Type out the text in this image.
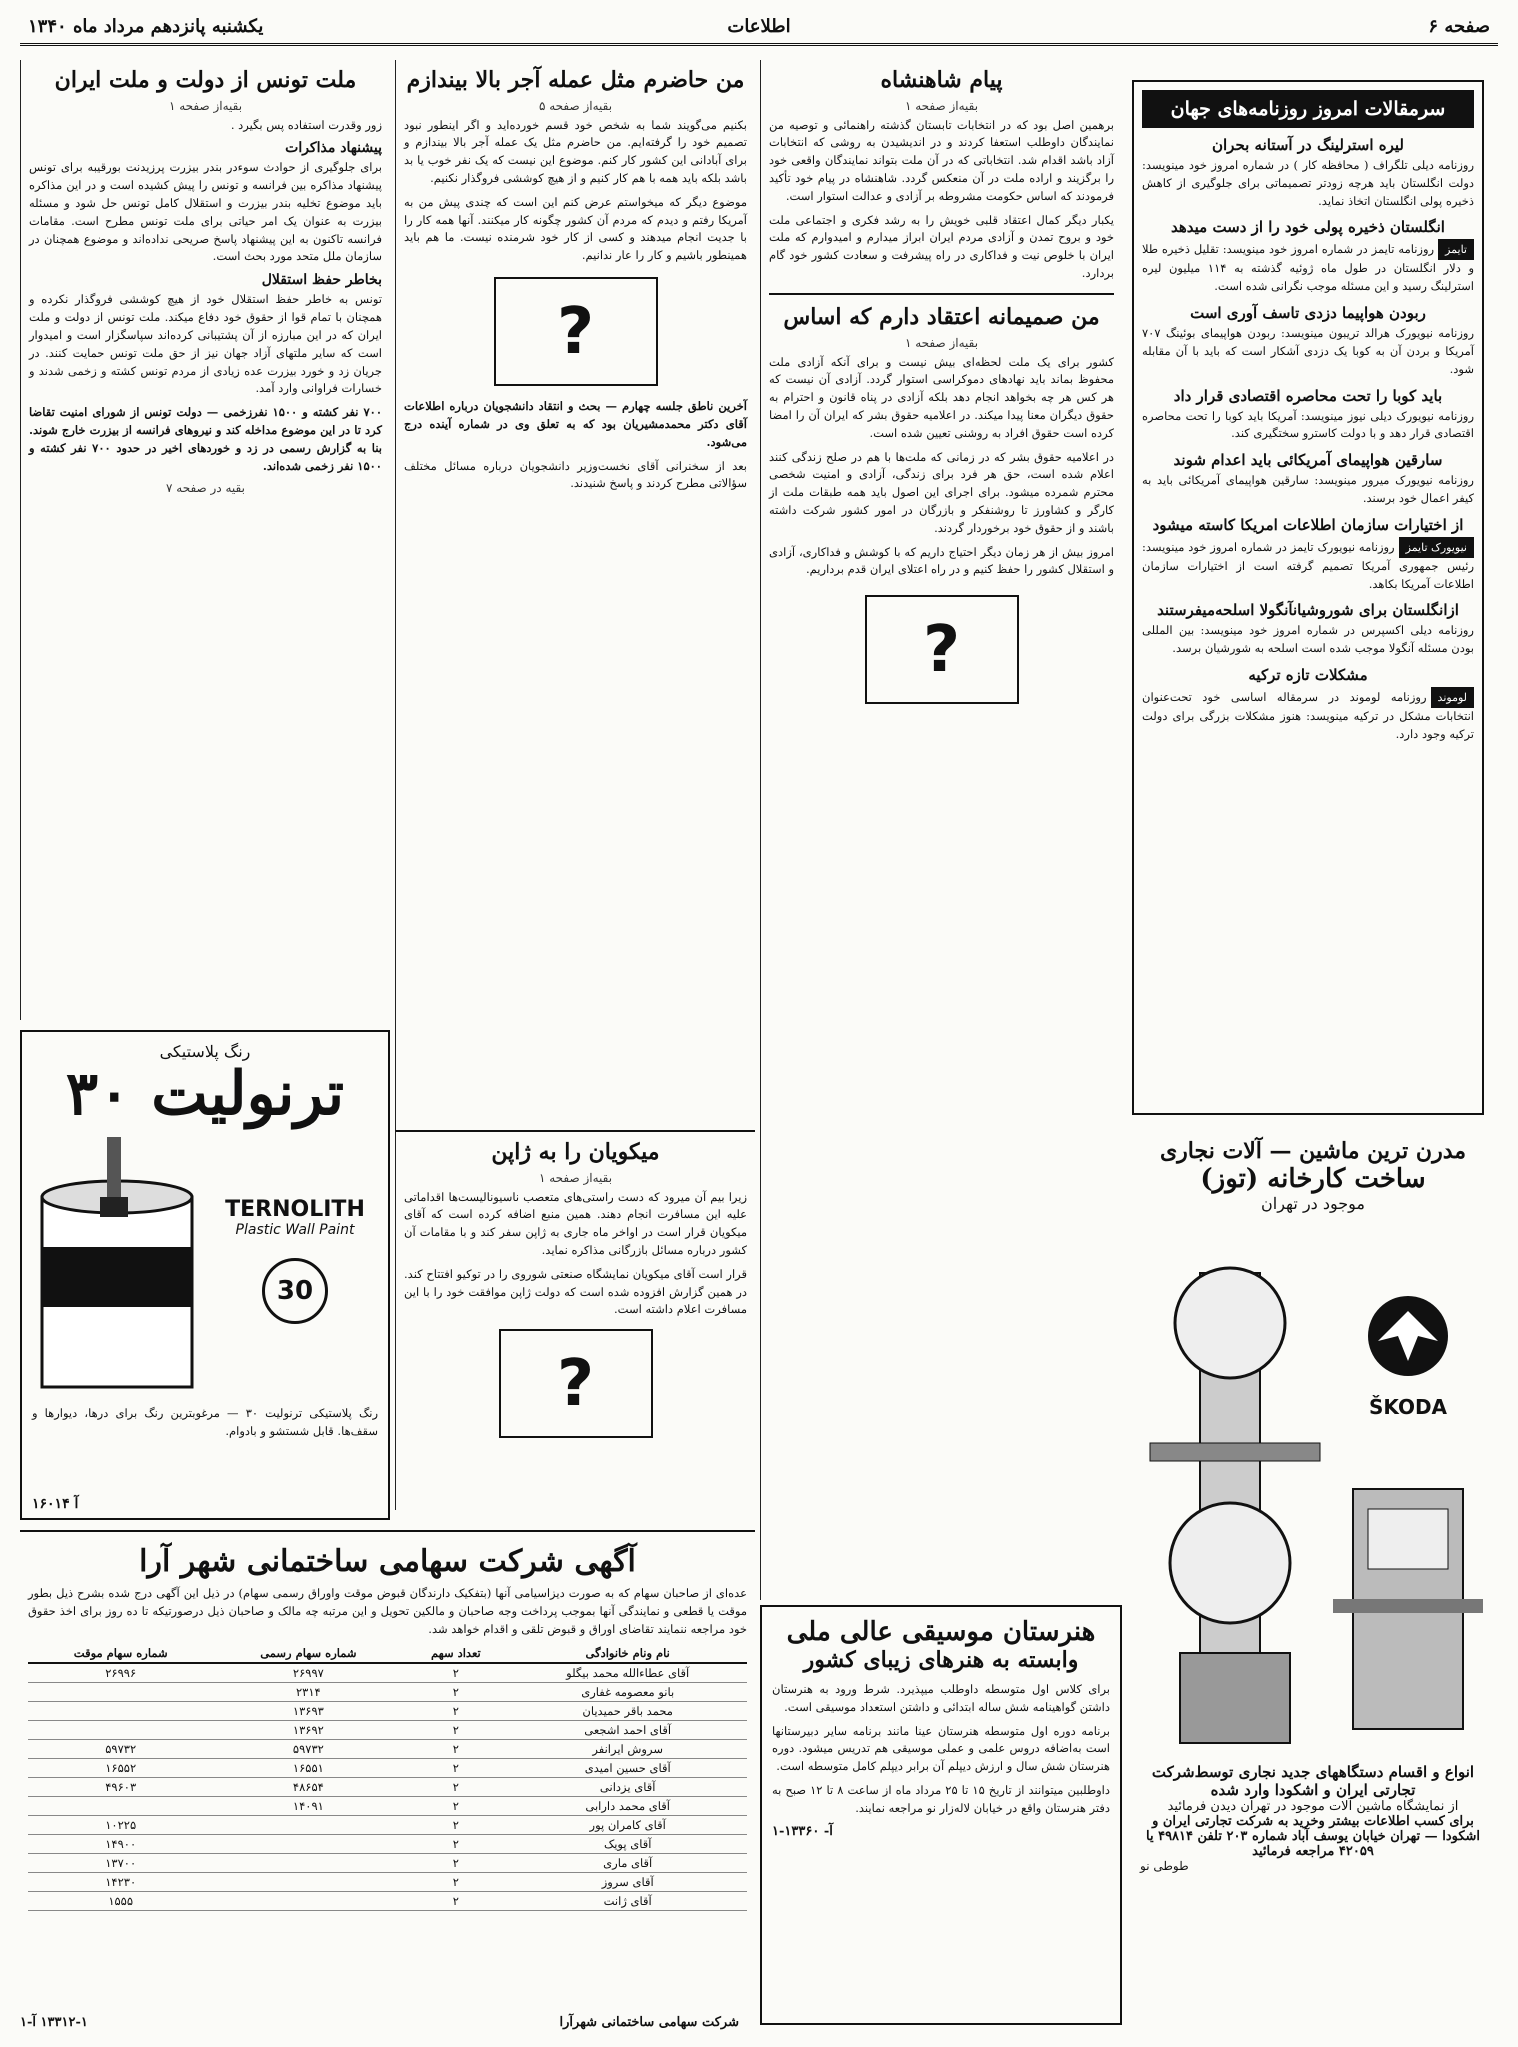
صفحه ۶
اطلاعات
یکشنبه پانزدهم مرداد ماه ۱۳۴۰
سرمقالات امروز روزنامه‌های جهان
لیره استرلینگ در آستانه بحران

روزنامه دیلی تلگراف ( محافظه کار ) در شماره امروز خود مینویسد: دولت انگلستان باید هرچه زودتر تصمیماتی برای جلوگیری از کاهش ذخیره پولی انگلستان اتخاذ نماید.

انگلستان ذخیره پولی خود را از دست میدهد

تایمزروزنامه تایمز در شماره امروز خود مینویسد: تقلیل ذخیره طلا و دلار انگلستان در طول ماه ژوئیه گذشته به ۱۱۴ میلیون لیره استرلینگ رسید و این مسئله موجب نگرانی شده است.

ربودن هواپیما دزدی تاسف آوری است

روزنامه نیویورک هرالد تریبون مینویسد: ربودن هواپیمای بوئینگ ۷۰۷ آمریکا و بردن آن به کوبا یک دزدی آشکار است که باید با آن مقابله شود.

باید کوبا را تحت محاصره اقتصادی قرار داد

روزنامه نیویورک دیلی نیوز مینویسد: آمریکا باید کوبا را تحت محاصره اقتصادی قرار دهد و با دولت کاسترو سختگیری کند.

سارقین هواپیمای آمریکائی باید اعدام شوند

روزنامه نیویورک میرور مینویسد: سارقین هواپیمای آمریکائی باید به کیفر اعمال خود برسند.

از اختیارات سازمان اطلاعات امریکا کاسته میشود

نیویورک تایمزروزنامه نیویورک تایمز در شماره امروز خود مینویسد: رئیس جمهوری آمریکا تصمیم گرفته است از اختیارات سازمان اطلاعات آمریکا بکاهد.

ازانگلستان برای شوروشیانآنگولا اسلحه‌میفرستند

روزنامه دیلی اکسپرس در شماره امروز خود مینویسد: بین المللی بودن مسئله آنگولا موجب شده است اسلحه به شورشیان برسد.

مشکلات تازه ترکیه

لوموندروزنامه لوموند در سرمقاله اساسی خود تحت‌عنوان انتخابات مشکل در ترکیه مینویسد: هنوز مشکلات بزرگی برای دولت ترکیه وجود دارد.

پیام شاهنشاه
بقیه‌از صفحه ۱

برهمین اصل بود که در انتخابات تابستان گذشته راهنمائی و توصیه من نمایندگان داوطلب استعفا کردند و در اندیشیدن به روشی که انتخابات آزاد باشد اقدام شد. انتخاباتی که در آن ملت بتواند نمایندگان واقعی خود را برگزیند و اراده ملت در آن منعکس گردد. شاهنشاه در پیام خود تأکید فرمودند که اساس حکومت مشروطه بر آزادی و عدالت استوار است.

یکبار دیگر کمال اعتقاد قلبی خویش را به رشد فکری و اجتماعی ملت خود و بروح تمدن و آزادی مردم ایران ابراز میدارم و امیدوارم که ملت ایران با خلوص نیت و فداکاری در راه پیشرفت و سعادت کشور خود گام بردارد.

من صمیمانه اعتقاد دارم که اساس
بقیه‌از صفحه ۱

کشور برای یک ملت لحظه‌ای بیش نیست و برای آنکه آزادی ملت محفوظ بماند باید نهادهای دموکراسی استوار گردد. آزادی آن نیست که هر کس هر چه بخواهد انجام دهد بلکه آزادی در پناه قانون و احترام به حقوق دیگران معنا پیدا میکند. در اعلامیه حقوق بشر که ایران آن را امضا کرده است حقوق افراد به روشنی تعیین شده است.

در اعلامیه حقوق بشر که در زمانی که ملت‌ها با هم در صلح زندگی کنند اعلام شده است، حق هر فرد برای زندگی، آزادی و امنیت شخصی محترم شمرده میشود. برای اجرای این اصول باید همه طبقات ملت از کارگر و کشاورز تا روشنفکر و بازرگان در امور کشور شرکت داشته باشند و از حقوق خود برخوردار گردند.

امروز بیش از هر زمان دیگر احتیاج داریم که با کوشش و فداکاری، آزادی و استقلال کشور را حفظ کنیم و در راه اعتلای ایران قدم برداریم.

?
من حاضرم مثل عمله آجر بالا بیندازم
بقیه‌از صفحه ۵

بکنیم می‌گویند شما به شخص خود قسم خورده‌اید و اگر اینطور نبود تصمیم خود را گرفته‌ایم. من حاضرم مثل یک عمله آجر بالا بیندازم و برای آبادانی این کشور کار کنم. موضوع این نیست که یک نفر خوب یا بد باشد بلکه باید همه با هم کار کنیم و از هیچ کوششی فروگذار نکنیم.

موضوع دیگر که میخواستم عرض کنم این است که چندی پیش من به آمریکا رفتم و دیدم که مردم آن کشور چگونه کار میکنند. آنها همه کار را با جدیت انجام میدهند و کسی از کار خود شرمنده نیست. ما هم باید همینطور باشیم و کار را عار ندانیم.

?

آخرین ناطق جلسه چهارم — بحث و انتقاد دانشجویان درباره اطلاعات آقای دکتر محمدمشیریان بود که به تعلق وی در شماره آینده درج می‌شود.

بعد از سخنرانی آقای نخست‌وزیر دانشجویان درباره مسائل مختلف سؤالاتی مطرح کردند و پاسخ شنیدند.

میکویان را به ژاپن
بقیه‌از صفحه ۱

زیرا بیم آن میرود که دست راستی‌های متعصب ناسیونالیست‌ها اقداماتی علیه این مسافرت انجام دهند. همین منبع اضافه کرده است که آقای میکویان قرار است در اواخر ماه جاری به ژاپن سفر کند و با مقامات آن کشور درباره مسائل بازرگانی مذاکره نماید.

قرار است آقای میکویان نمایشگاه صنعتی شوروی را در توکیو افتتاح کند. در همین گزارش افزوده شده است که دولت ژاپن موافقت خود را با این مسافرت اعلام داشته است.

?
ملت تونس از دولت و ملت ایران
بقیه‌از صفحه ۱

زور وقدرت استفاده پس بگیرد .

پیشنهاد مذاکرات

برای جلوگیری از حوادث سوءدر بندر بیزرت پرزیدنت بورقیبه برای تونس پیشنهاد مذاکره بین فرانسه و تونس را پیش کشیده است و در این مذاکره باید موضوع تخلیه بندر بیزرت و استقلال کامل تونس حل شود و مسئله بیزرت به عنوان یک امر حیاتی برای ملت تونس مطرح است. مقامات فرانسه تاکنون به این پیشنهاد پاسخ صریحی نداده‌اند و موضوع همچنان در سازمان ملل متحد مورد بحث است.

بخاطر حفظ استقلال

تونس به خاطر حفظ استقلال خود از هیچ کوششی فروگذار نکرده و همچنان با تمام قوا از حقوق خود دفاع میکند. ملت تونس از دولت و ملت ایران که در این مبارزه از آن پشتیبانی کرده‌اند سپاسگزار است و امیدوار است که سایر ملتهای آزاد جهان نیز از حق ملت تونس حمایت کنند. در جریان زد و خورد بیزرت عده زیادی از مردم تونس کشته و زخمی شدند و خسارات فراوانی وارد آمد.

۷۰۰ نفر کشته و ۱۵۰۰ نفرزخمی — دولت تونس از شورای امنیت تقاضا کرد تا در این موضوع مداخله کند و نیروهای فرانسه از بیزرت خارج شوند. بنا به گزارش رسمی در زد و خوردهای اخیر در حدود ۷۰۰ نفر کشته و ۱۵۰۰ نفر زخمی شده‌اند.

بقیه در صفحه ۷
رنگ پلاستیکی
ترنولیت ۳۰
TERNOLITH
Plastic Wall Paint
30

رنگ پلاستیکی ترنولیت ۳۰ — مرغوبترین رنگ برای درها، دیوارها و سقف‌ها. قابل شستشو و بادوام.

آ ۱۶۰۱۴
مدرن ترین ماشین — آلات نجاری
ساخت کارخانه (توز)
موجود در تهران
ŠKODA
انواع و اقسام دستگاههای جدید نجاری توسط‌شرکت
تجارتی ایران و اشکودا وارد شده
از نمایشگاه ماشین آلات موجود در تهران دیدن فرمائید
برای کسب اطلاعات بیشتر وخرید به شرکت تجارتی ایران و اشکودا — تهران خیابان یوسف آباد شماره ۲۰۳ تلفن ۴۹۸۱۴ یا ۴۲۰۵۹ مراجعه فرمائید
طوطی نو
هنرستان موسیقی عالی ملی
وابسته به هنرهای زیبای کشور

برای کلاس اول متوسطه داوطلب میپذیرد. شرط ورود به هنرستان داشتن گواهینامه شش ساله ابتدائی و داشتن استعداد موسیقی است.

برنامه دوره اول متوسطه هنرستان عینا مانند برنامه سایر دبیرستانها است به‌اضافه دروس علمی و عملی موسیقی هم تدریس میشود. دوره هنرستان شش سال و ارزش دیپلم آن برابر دیپلم کامل متوسطه است.

داوطلبین میتوانند از تاریخ ۱۵ تا ۲۵ مرداد ماه از ساعت ۸ تا ۱۲ صبح به دفتر هنرستان واقع در خیابان لاله‌زار نو مراجعه نمایند.

آ- ۱۳۳۶۰-۱
آگهی شرکت سهامی ساختمانی شهر آرا

عده‌ای از صاحبان سهام که به صورت دیزاسیامی آنها (بتفکیک دارندگان قبوض موقت واوراق رسمی سهام) در ذیل این آگهی درج شده بشرح ذیل بطور موقت یا قطعی و نمایندگی آنها بموجب پرداخت وجه صاحبان و مالکین تحویل و این مرتبه چه مالک و صاحبان ذیل درصورتیکه تا ده روز برای اخذ حقوق خود مراجعه ننمایند تقاضای اوراق و قبوض تلقی و اقدام خواهد شد.

نام ونام خانوادگی	تعداد سهم	شماره سهام رسمی	شماره سهام موقت
آقای عطاءالله محمد بیگلو	۲	۲۶۹۹۷	۲۶۹۹۶
بانو معصومه غفاری	۲	۲۳۱۴	
محمد باقر حمیدیان	۲	۱۳۶۹۳	
آقای احمد اشجعی	۲	۱۳۶۹۲	
سروش ایرانفر	۲	۵۹۷۳۲	۵۹۷۳۲
آقای حسین امیدی	۲	۱۶۵۵۱	۱۶۵۵۲
آقای یزدانی	۲	۴۸۶۵۴	۴۹۶۰۳
آقای محمد دارابی	۲	۱۴۰۹۱	
آقای کامران پور	۲		۱۰۲۲۵
آقای پویک	۲		۱۴۹۰۰
آقای ماری	۲		۱۳۷۰۰
آقای سروز	۲		۱۴۲۳۰
آقای ژانت	۲		۱۵۵۵
شرکت سهامی ساختمانی شهرآرا
۱۳۳۱۲-۱ آ-۱
